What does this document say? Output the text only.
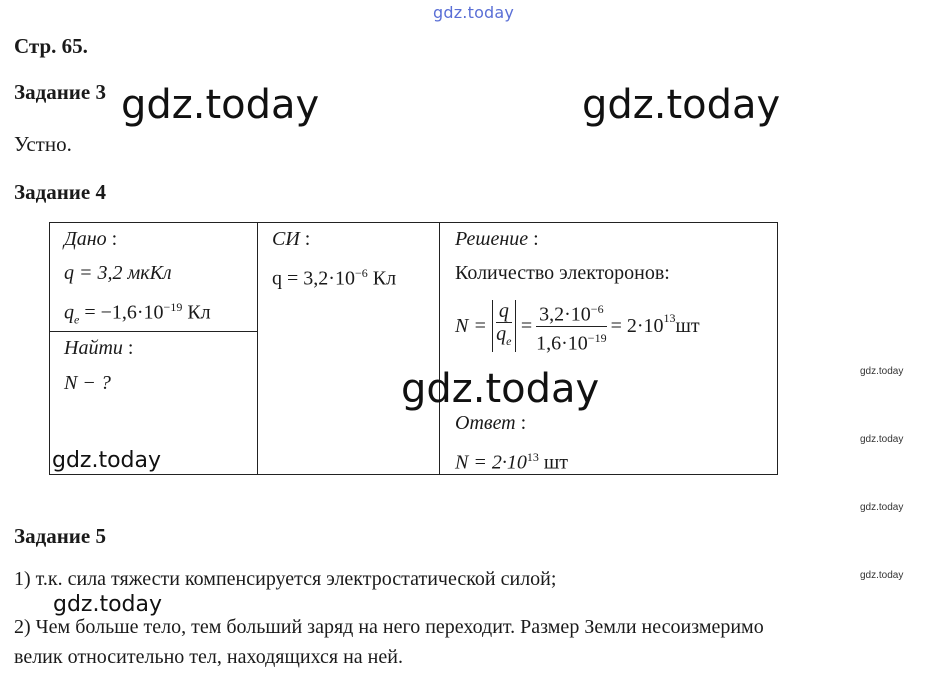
gdz.today
Стр. 65.
Задание 3 gdz.today	gdz.today
Устно.
Задание 4
Дано :
q = 3,2 мкКл
$q_e = -1,6\cdot 10^{-19}$ Кл
Найти :
N − ?
gdz.today
СИ :
$q = 3,2\cdot 10^{-6}$ Кл
Решение :
Количество электоронов:
$N = \frac{q}{q_e} = \frac{3,2\cdot 10^{-6}}{1,6\cdot 10^{-19}} = 2\cdot 10^{13}$ шт
gdz.today
Ответ :
$N = 2\cdot 10^{13}$ шт
gdz.today
gdz.today
gdz.today
gdz.today
Задание 5
1) т.к. сила тяжести компенсируется электростатической силой;
gdz.today
2) Чем больше тело, тем больший заряд на него переходит. Размер Земли несоизмеримо
велик относительно тел, находящихся на ней.
